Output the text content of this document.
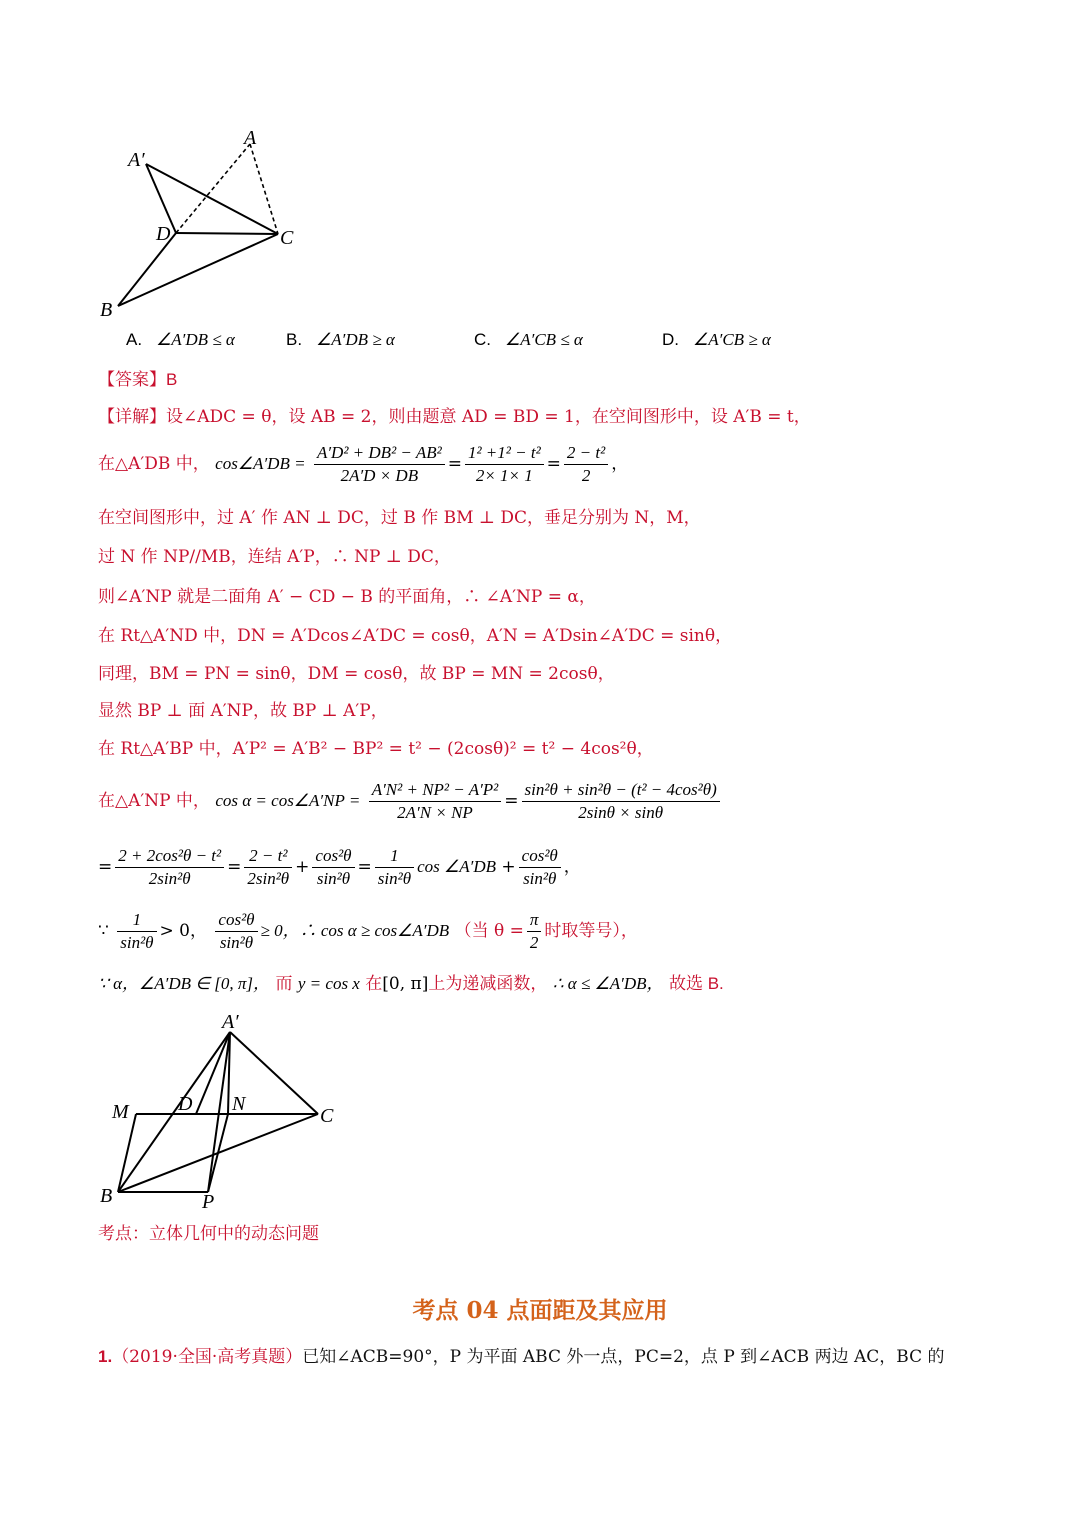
A′
A
D	C
B
A. ∠A′DB ≤ α	B. ∠A′DB ≥ α	C. ∠A′CB ≤ α	D. ∠A′CB ≥ α
【答案】B
【详解】设∠ADC = θ，设 AB = 2，则由题意 AD = BD = 1，在空间图形中，设 A′B = t，
在△A′DB 中， cos∠A′DB = $\frac{\text{A′D² + DB² − AB²}}{2A'D \times DB} = \frac{\text{1² +1² − t²}}{2\times 1\times 1} = \frac{\text{2 − t²}}{2}$ ，
在空间图形中，过 A′ 作 AN ⊥ DC，过 B 作 BM ⊥ DC，垂足分别为 N，M，
过 N 作 NP//MB，连结 A′P，∴ NP ⊥ DC，
则∠A′NP 就是二面角 A′ − CD − B 的平面角，∴ ∠A′NP = α，
在 Rt△A′ND 中，DN = A′Dcos∠A′DC = cosθ，A′N = A′Dsin∠A′DC = sinθ，
同理，BM = PN = sinθ，DM = cosθ，故 BP = MN = 2cosθ，
显然 BP ⊥ 面 A′NP，故 BP ⊥ A′P，
在 Rt△A′BP 中，A′P² = A′B² − BP² = t² − (2cosθ)² = t² − 4cos²θ，
在△A′NP 中， cos α = cos∠A′NP = $\frac{\text{A′N² + NP² − A′P²}}{2A'N \times NP} = \frac{\text{sin²θ + sin²θ − (t² − 4cos²θ)}}{2\sin\theta \times \sin\theta}$
= $\frac{\text{2 + 2cos²θ − t²}}{\text{2sin²θ}} = \frac{\text{2 − t²}}{\text{2sin²θ}} + \frac{\text{cos²θ}}{\text{sin²θ}} = \frac{1}{\text{sin²θ}}$ cos ∠A′DB + $\frac{\text{cos²θ}}{\text{sin²θ}}$ ，
∵ $\frac{1}{\text{sin²θ}} > 0$， $\frac{\text{cos²θ}}{\text{sin²θ}} \ge 0$，∴ cos α ≥ cos∠A′DB （当 $\theta = \frac{\pi}{2}$ 时取等号），
∵ α，∠A′DB ∈ [0, π]， 而 y = cos x 在[0, π]上为递减函数， ∴ α ≤ ∠A′DB， 故选 B.
A′
M D N
C
B	P
考点：立体几何中的动态问题
考点 04 点面距及其应用
1.（2019·全国·高考真题）已知∠ACB=90°，P 为平面 ABC 外一点，PC=2，点 P 到∠ACB 两边 AC，BC 的
